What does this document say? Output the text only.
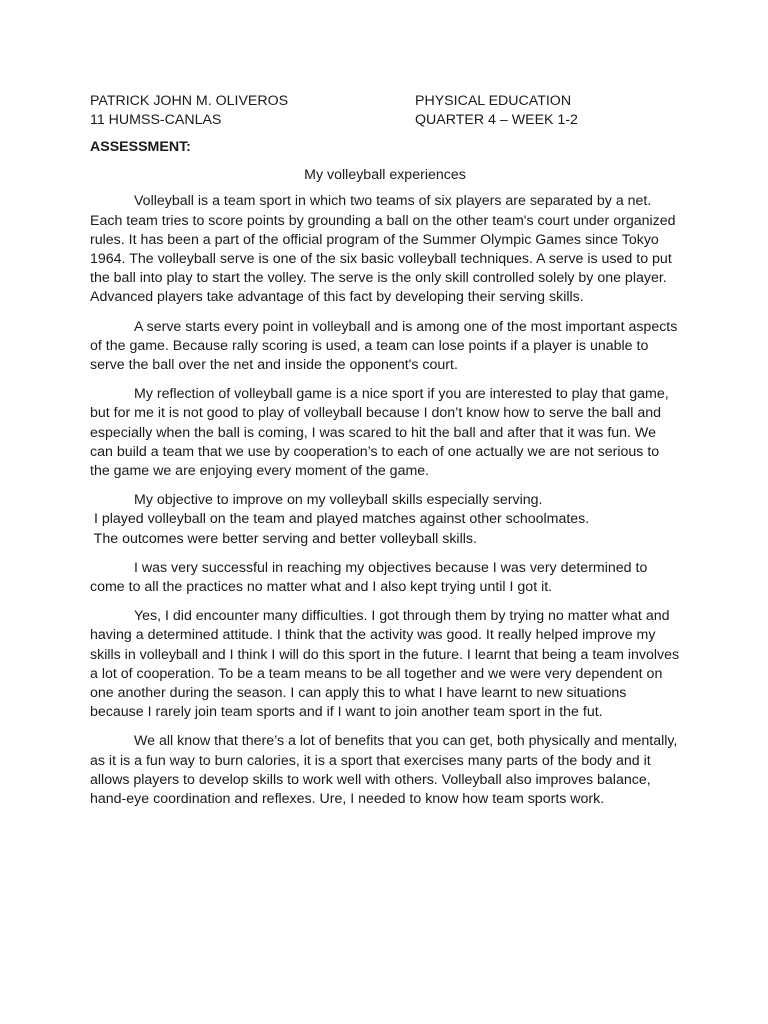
PATRICK JOHN M. OLIVEROS
11 HUMSS-CANLAS
PHYSICAL EDUCATION
QUARTER 4 – WEEK 1-2
ASSESSMENT:
My volleyball experiences

Volleyball is a team sport in which two teams of six players are separated by a net. Each team tries to score points by grounding a ball on the other team's court under organized rules. It has been a part of the official program of the Summer Olympic Games since Tokyo 1964. The volleyball serve is one of the six basic volleyball techniques. A serve is used to put the ball into play to start the volley. The serve is the only skill controlled solely by one player. Advanced players take advantage of this fact by developing their serving skills.

A serve starts every point in volleyball and is among one of the most important aspects of the game. Because rally scoring is used, a team can lose points if a player is unable to serve the ball over the net and inside the opponent's court.

My reflection of volleyball game is a nice sport if you are interested to play that game, but for me it is not good to play of volleyball because I don’t know how to serve the ball and especially when the ball is coming, I was scared to hit the ball and after that it was fun. We can build a team that we use by cooperation’s to each of one actually we are not serious to the game we are enjoying every moment of the game.

My objective to improve on my volleyball skills especially serving.
I played volleyball on the team and played matches against other schoolmates.
The outcomes were better serving and better volleyball skills.

I was very successful in reaching my objectives because I was very determined to come to all the practices no matter what and I also kept trying until I got it.

Yes, I did encounter many difficulties. I got through them by trying no matter what and having a determined attitude. I think that the activity was good. It really helped improve my skills in volleyball and I think I will do this sport in the future. I learnt that being a team involves a lot of cooperation. To be a team means to be all together and we were very dependent on one another during the season. I can apply this to what I have learnt to new situations because I rarely join team sports and if I want to join another team sport in the fut.

We all know that there’s a lot of benefits that you can get, both physically and mentally, as it is a fun way to burn calories, it is a sport that exercises many parts of the body and it allows players to develop skills to work well with others. Volleyball also improves balance, hand-eye coordination and reflexes. Ure, I needed to know how team sports work.
